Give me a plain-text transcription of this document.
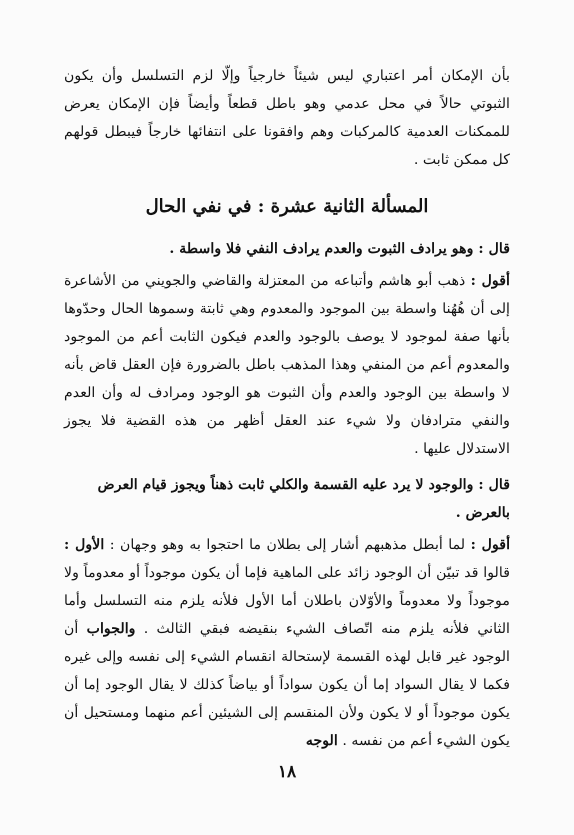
بأن الإمكان أمر اعتباري ليس شيئاً خارجياً وإلّا لزم التسلسل وأن يكون الثبوتي حالاً في محل عدمي وهو باطل قطعاً وأيضاً فإن الإمكان يعرض للممكنات العدمية كالمركبات وهم وافقونا على انتفائها خارجاً فيبطل قولهم كل ممكن ثابت .

المسألة الثانية عشرة : في نفي الحال

قال : وهو يرادف الثبوت والعدم يرادف النفي فلا واسطة .

أقول : ذهب أبو هاشم وأتباعه من المعتزلة والقاضي والجويني من الأشاعرة إلى أن هُهُنا واسطة بين الموجود والمعدوم وهي ثابتة وسموها الحال وحدّوها بأنها صفة لموجود لا يوصف بالوجود والعدم فيكون الثابت أعم من الموجود والمعدوم أعم من المنفي وهذا المذهب باطل بالضرورة فإن العقل قاض بأنه لا واسطة بين الوجود والعدم وأن الثبوت هو الوجود ومرادف له وأن العدم والنفي مترادفان ولا شيء عند العقل أظهر من هذه القضية فلا يجوز الاستدلال عليها .

قال : والوجود لا يرد عليه القسمة والكلي ثابت ذهناً ويجوز قيام العرض بالعرض .

أقول : لما أبطل مذهبهم أشار إلى بطلان ما احتجوا به وهو وجهان : الأول : قالوا قد تبيّن أن الوجود زائد على الماهية فإما أن يكون موجوداً أو معدوماً ولا موجوداً ولا معدوماً والأوّلان باطلان أما الأول فلأنه يلزم منه التسلسل وأما الثاني فلأنه يلزم منه اتّصاف الشيء بنقيضه فبقي الثالث . والجواب أن الوجود غير قابل لهذه القسمة لإستحالة انقسام الشيء إلى نفسه وإلى غيره فكما لا يقال السواد إما أن يكون سواداً أو بياضاً كذلك لا يقال الوجود إما أن يكون موجوداً أو لا يكون ولأن المنقسم إلى الشيئين أعم منهما ومستحيل أن يكون الشيء أعم من نفسه . الوجه

١٨
